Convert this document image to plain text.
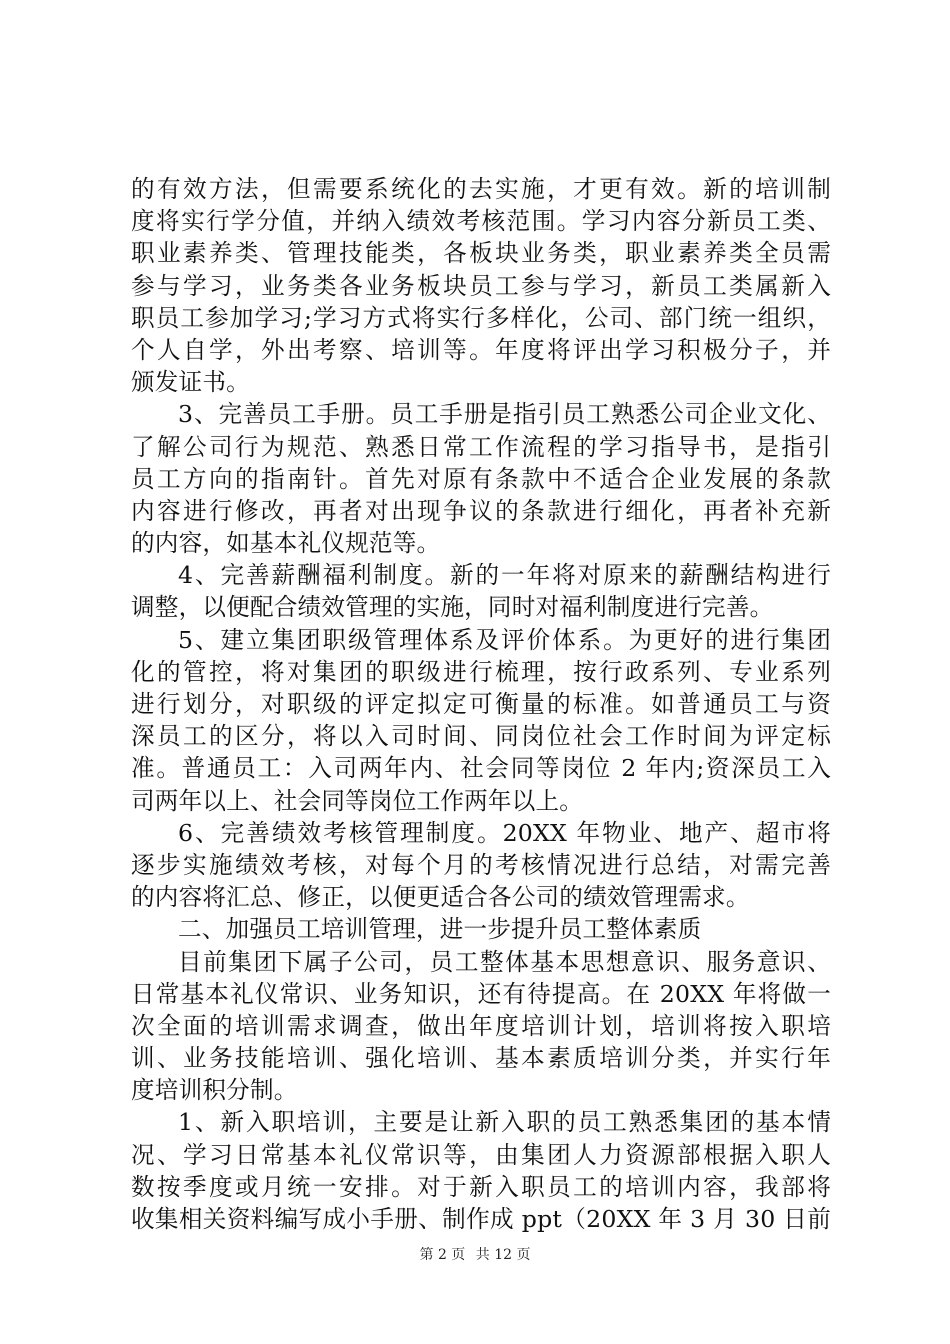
的有效方法，但需要系统化的去实施，才更有效。新的培训制
度将实行学分值，并纳入绩效考核范围。学习内容分新员工类、
职业素养类、管理技能类，各板块业务类，职业素养类全员需
参与学习，业务类各业务板块员工参与学习，新员工类属新入
职员工参加学习;学习方式将实行多样化，公司、部门统一组织，
个人自学，外出考察、培训等。年度将评出学习积极分子，并
颁发证书。
3、完善员工手册。员工手册是指引员工熟悉公司企业文化、
了解公司行为规范、熟悉日常工作流程的学习指导书，是指引
员工方向的指南针。首先对原有条款中不适合企业发展的条款
内容进行修改，再者对出现争议的条款进行细化，再者补充新
的内容，如基本礼仪规范等。
4、完善薪酬福利制度。新的一年将对原来的薪酬结构进行
调整，以便配合绩效管理的实施，同时对福利制度进行完善。
5、建立集团职级管理体系及评价体系。为更好的进行集团
化的管控，将对集团的职级进行梳理，按行政系列、专业系列
进行划分，对职级的评定拟定可衡量的标准。如普通员工与资
深员工的区分，将以入司时间、同岗位社会工作时间为评定标
准。普通员工：入司两年内、社会同等岗位 2 年内;资深员工入
司两年以上、社会同等岗位工作两年以上。
6、完善绩效考核管理制度。20XX 年物业、地产、超市将
逐步实施绩效考核，对每个月的考核情况进行总结，对需完善
的内容将汇总、修正，以便更适合各公司的绩效管理需求。
二、加强员工培训管理，进一步提升员工整体素质
目前集团下属子公司，员工整体基本思想意识、服务意识、
日常基本礼仪常识、业务知识，还有待提高。在 20XX 年将做一
次全面的培训需求调查，做出年度培训计划，培训将按入职培
训、业务技能培训、强化培训、基本素质培训分类，并实行年
度培训积分制。
1、新入职培训，主要是让新入职的员工熟悉集团的基本情
况、学习日常基本礼仪常识等，由集团人力资源部根据入职人
数按季度或月统一安排。对于新入职员工的培训内容，我部将
收集相关资料编写成小手册、制作成 ppt（20XX 年 3 月 30 日前
第 2 页 共 12 页
